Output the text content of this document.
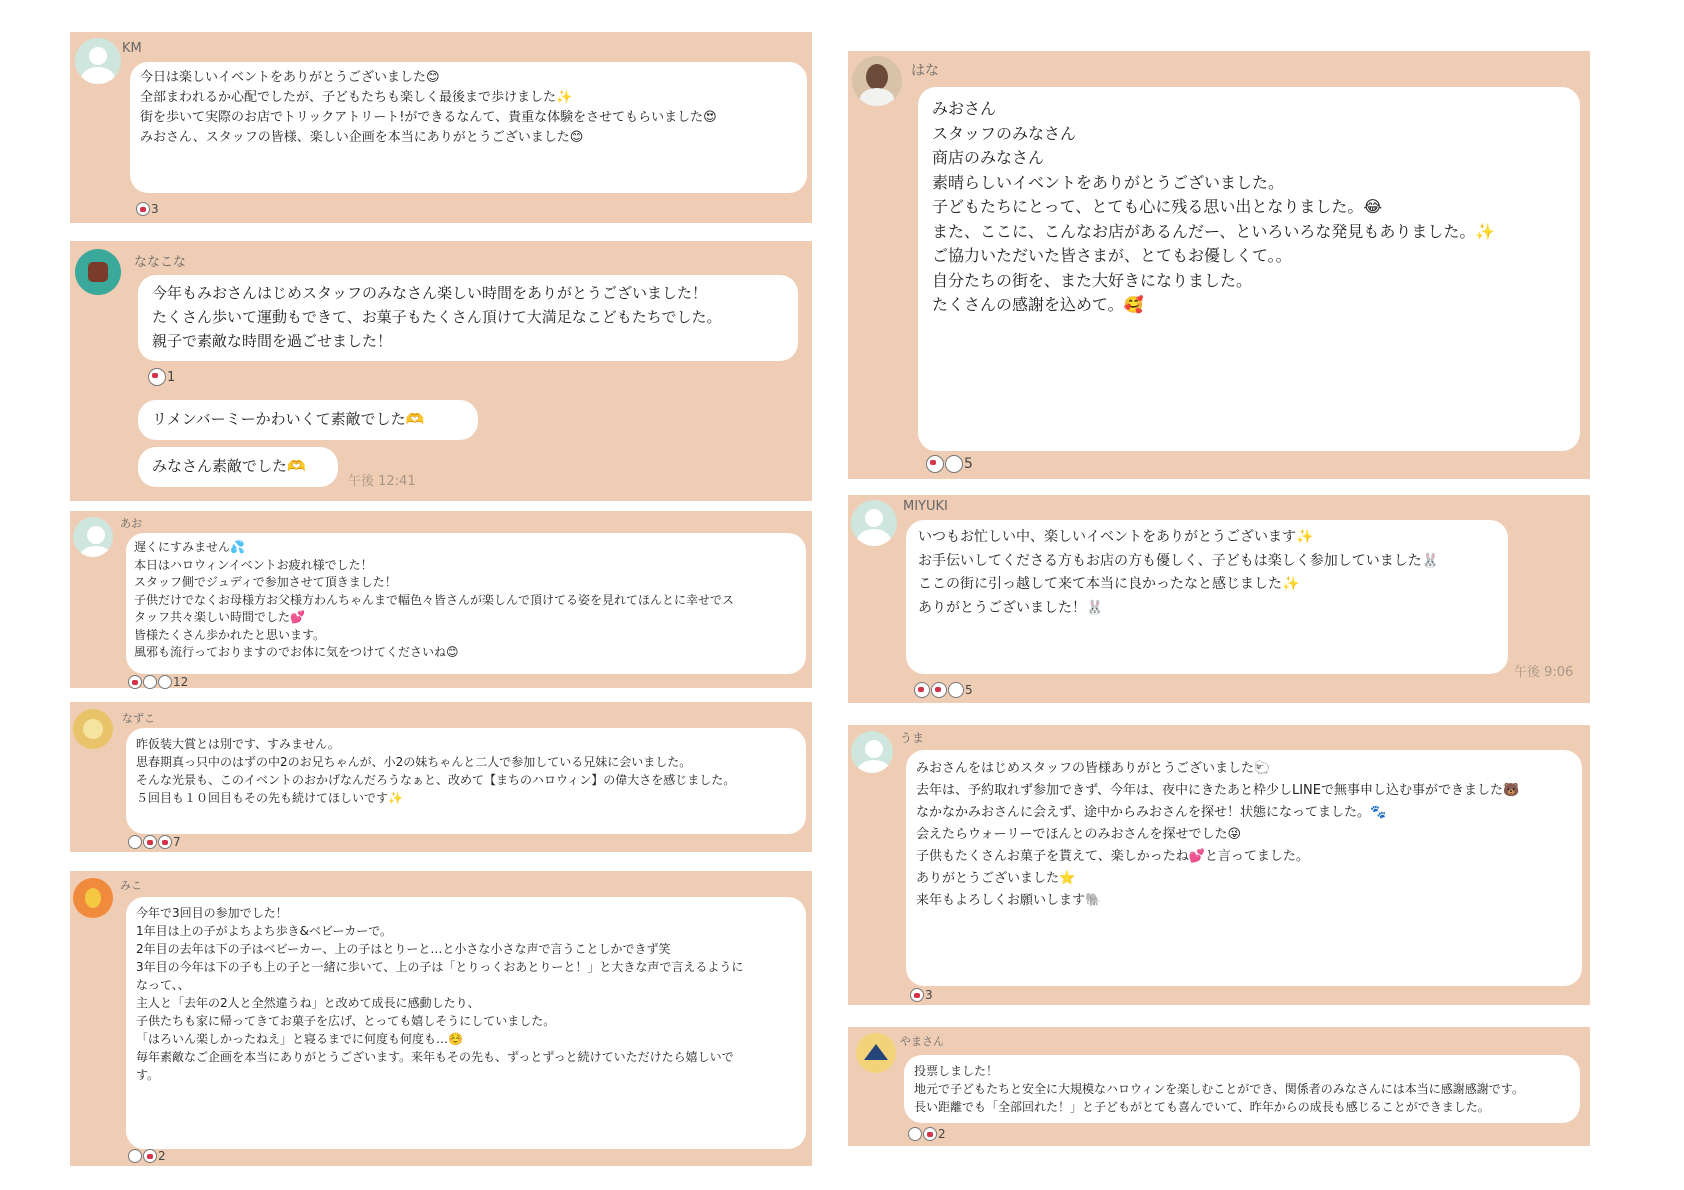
KM

今日は楽しいイベントをありがとうございました😊

全部まわれるか心配でしたが、子どもたちも楽しく最後まで歩けました✨

街を歩いて実際のお店でトリックアトリート!ができるなんて、貴重な体験をさせてもらいました😍

みおさん、スタッフの皆様、楽しい企画を本当にありがとうございました😊

3
ななこな

今年もみおさんはじめスタッフのみなさん楽しい時間をありがとうございました！

たくさん歩いて運動もできて、お菓子もたくさん頂けて大満足なこどもたちでした。

親子で素敵な時間を過ごせました！

1
リメンバーミーかわいくて素敵でした🫶
みなさん素敵でした🫶
午後 12:41
あお

遅くにすみません💦

本日はハロウィンイベントお疲れ様でした！

スタッフ側でジュディで参加させて頂きました！

子供だけでなくお母様方お父様方わんちゃんまで幅色々皆さんが楽しんで頂けてる姿を見れてほんとに幸せでス

タッフ共々楽しい時間でした💕

皆様たくさん歩かれたと思います。

風邪も流行っておりますのでお体に気をつけてくださいね😊

12
なずこ

昨仮装大賞とは別です、すみません。

思春期真っ只中のはずの中2のお兄ちゃんが、小2の妹ちゃんと二人で参加している兄妹に会いました。

そんな光景も、このイベントのおかげなんだろうなぁと、改めて【まちのハロウィン】の偉大さを感じました。

５回目も１０回目もその先も続けてほしいです✨

7
みこ

今年で3回目の参加でした！

1年目は上の子がよちよち歩き&ベビーカーで。

2年目の去年は下の子はベビーカー、上の子はとりーと…と小さな小さな声で言うことしかできず笑

3年目の今年は下の子も上の子と一緒に歩いて、上の子は「とりっくおあとりーと！」と大きな声で言えるように

なって、、

主人と「去年の2人と全然違うね」と改めて成長に感動したり、

子供たちも家に帰ってきてお菓子を広げ、とっても嬉しそうにしていました。

「はろいん楽しかったねえ」と寝るまでに何度も何度も…☺️

毎年素敵なご企画を本当にありがとうございます。来年もその先も、ずっとずっと続けていただけたら嬉しいで

す。

2
はな

みおさん

スタッフのみなさん

商店のみなさん

素晴らしいイベントをありがとうございました。

子どもたちにとって、とても心に残る思い出となりました。😂

また、ここに、こんなお店があるんだー、といろいろな発見もありました。✨

ご協力いただいた皆さまが、とてもお優しくて。。

自分たちの街を、また大好きになりました。

たくさんの感謝を込めて。🥰

5
MIYUKI

いつもお忙しい中、楽しいイベントをありがとうございます✨

お手伝いしてくださる方もお店の方も優しく、子どもは楽しく参加していました🐰

ここの街に引っ越して来て本当に良かったなと感じました✨

ありがとうございました！🐰

午後 9:06
5
うま

みおさんをはじめスタッフの皆様ありがとうございました🐑

去年は、予約取れず参加できず、今年は、夜中にきたあと枠少しLINEで無事申し込む事ができました🐻

なかなかみおさんに会えず、途中からみおさんを探せ！状態になってました。🐾

会えたらウォーリーでほんとのみおさんを探せでした😜

子供もたくさんお菓子を貰えて、楽しかったね💕と言ってました。

ありがとうございました⭐

来年もよろしくお願いします🐘

3
やまさん

投票しました！

地元で子どもたちと安全に大規模なハロウィンを楽しむことができ、関係者のみなさんには本当に感謝感謝です。

長い距離でも「全部回れた！」と子どもがとても喜んでいて、昨年からの成長も感じることができました。

2
